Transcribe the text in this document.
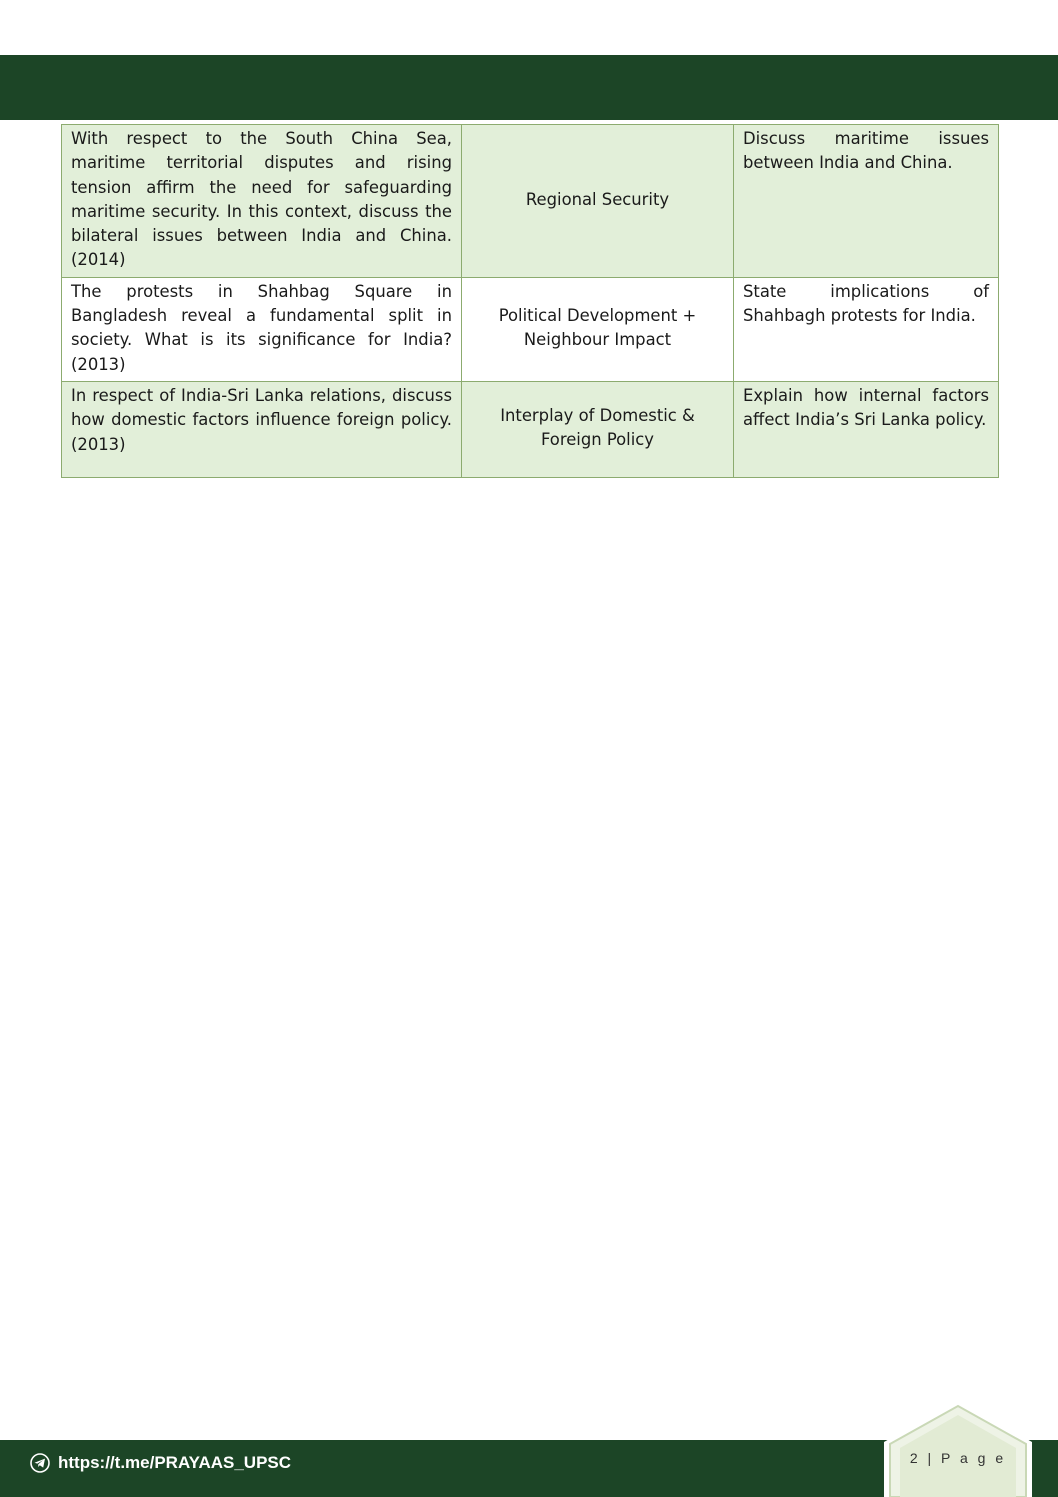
With respect to the South China Sea, maritime territorial disputes and rising tension affirm the need for safeguarding maritime security. In this context, discuss the bilateral issues between India and China. (2014)	Regional Security	Discuss maritime issues between India and China.
The protests in Shahbag Square in Bangladesh reveal a fundamental split in society. What is its significance for India? (2013)	Political Development + Neighbour Impact	State implications of Shahbagh protests for India.
In respect of India-Sri Lanka relations, discuss how domestic factors influence foreign policy. (2013)	Interplay of Domestic & Foreign Policy	Explain how internal factors affect India’s Sri Lanka policy.
https://t.me/PRAYAAS_UPSC	2 | P a g e
